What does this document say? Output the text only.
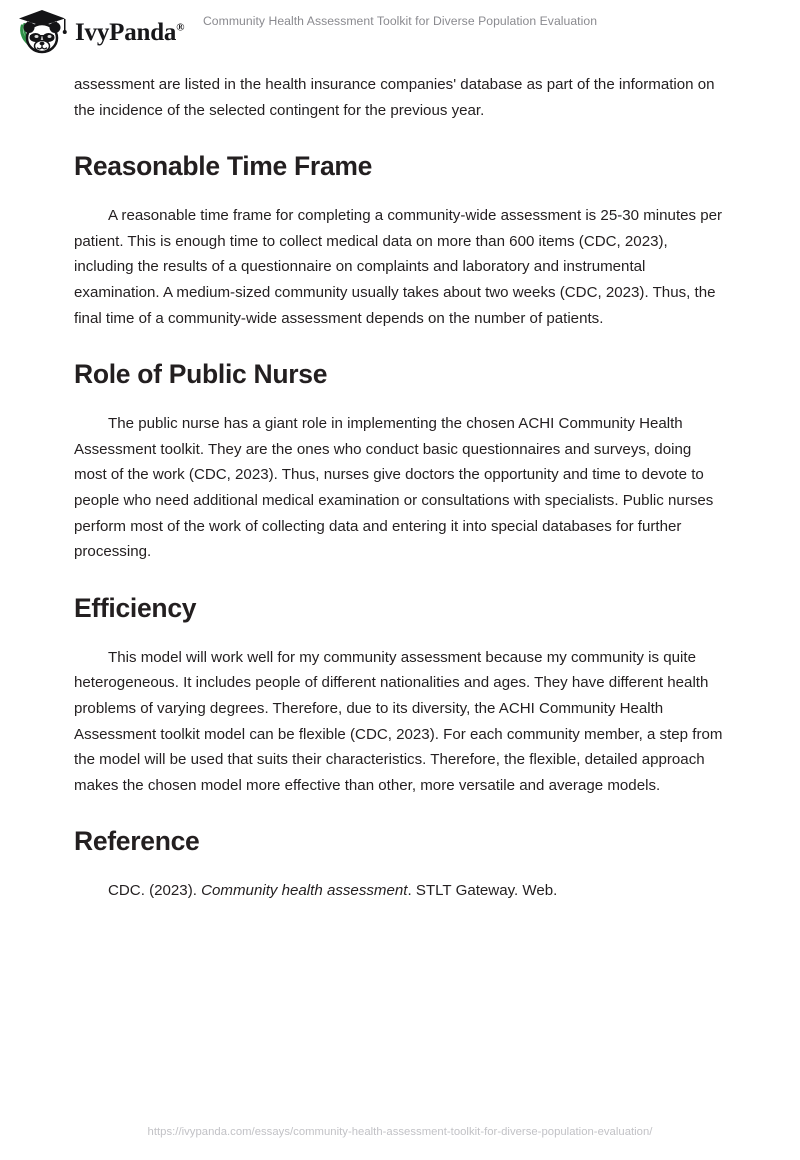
IvyPanda®	Community Health Assessment Toolkit for Diverse Population Evaluation

assessment are listed in the health insurance companies' database as part of the information on the incidence of the selected contingent for the previous year.

Reasonable Time Frame

A reasonable time frame for completing a community-wide assessment is 25-30 minutes per patient. This is enough time to collect medical data on more than 600 items (CDC, 2023), including the results of a questionnaire on complaints and laboratory and instrumental examination. A medium-sized community usually takes about two weeks (CDC, 2023). Thus, the final time of a community-wide assessment depends on the number of patients.

Role of Public Nurse

The public nurse has a giant role in implementing the chosen ACHI Community Health Assessment toolkit. They are the ones who conduct basic questionnaires and surveys, doing most of the work (CDC, 2023). Thus, nurses give doctors the opportunity and time to devote to people who need additional medical examination or consultations with specialists. Public nurses perform most of the work of collecting data and entering it into special databases for further processing.

Efficiency

This model will work well for my community assessment because my community is quite heterogeneous. It includes people of different nationalities and ages. They have different health problems of varying degrees. Therefore, due to its diversity, the ACHI Community Health Assessment toolkit model can be flexible (CDC, 2023). For each community member, a step from the model will be used that suits their characteristics. Therefore, the flexible, detailed approach makes the chosen model more effective than other, more versatile and average models.

Reference

CDC. (2023). Community health assessment. STLT Gateway. Web.

https://ivypanda.com/essays/community-health-assessment-toolkit-for-diverse-population-evaluation/
